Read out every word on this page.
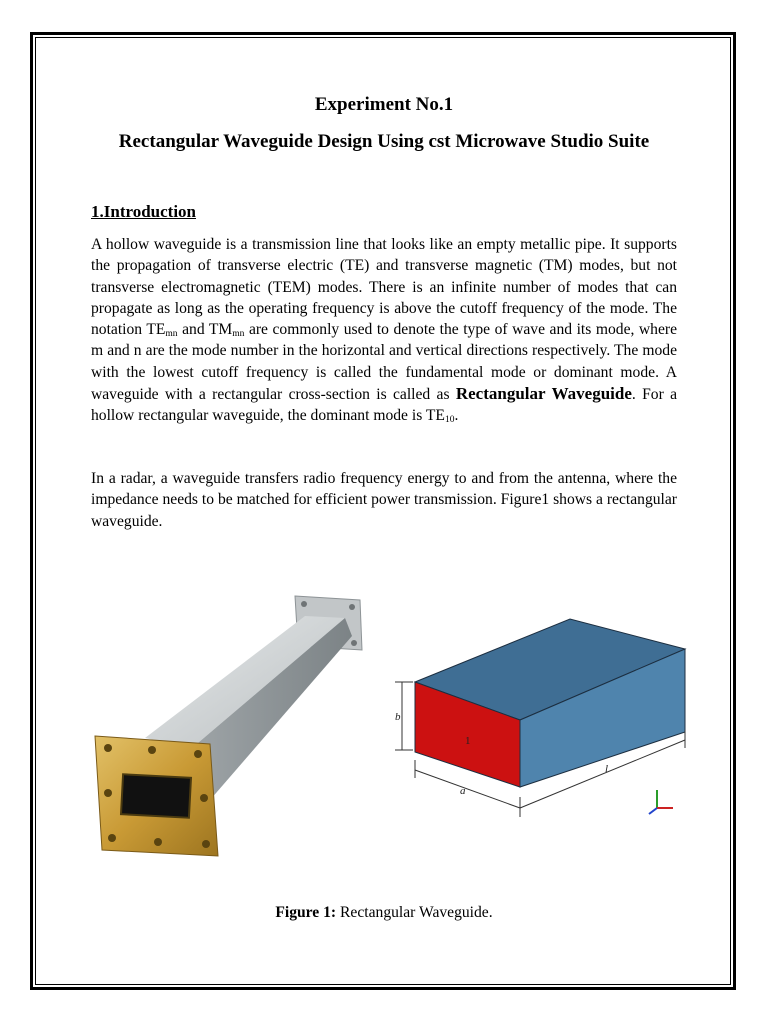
Experiment No.1
Rectangular Waveguide Design Using cst Microwave Studio Suite
1.Introduction
A hollow waveguide is a transmission line that looks like an empty metallic pipe. It supports the propagation of transverse electric (TE) and transverse magnetic (TM) modes, but not transverse electromagnetic (TEM) modes. There is an infinite number of modes that can propagate as long as the operating frequency is above the cutoff frequency of the mode. The notation $TE_{mn}$ and $TM_{mn}$ are commonly used to denote the type of wave and its mode, where m and n are the mode number in the horizontal and vertical directions respectively. The mode with the lowest cutoff frequency is called the fundamental mode or dominant mode. A waveguide with a rectangular cross-section is called as Rectangular Waveguide. For a hollow rectangular waveguide, the dominant mode is $TE_{10}$.
In a radar, a waveguide transfers radio frequency energy to and from the antenna, where the impedance needs to be matched for efficient power transmission. Figure1 shows a rectangular waveguide.
1
b
a
l
Figure 1: Rectangular Waveguide.
